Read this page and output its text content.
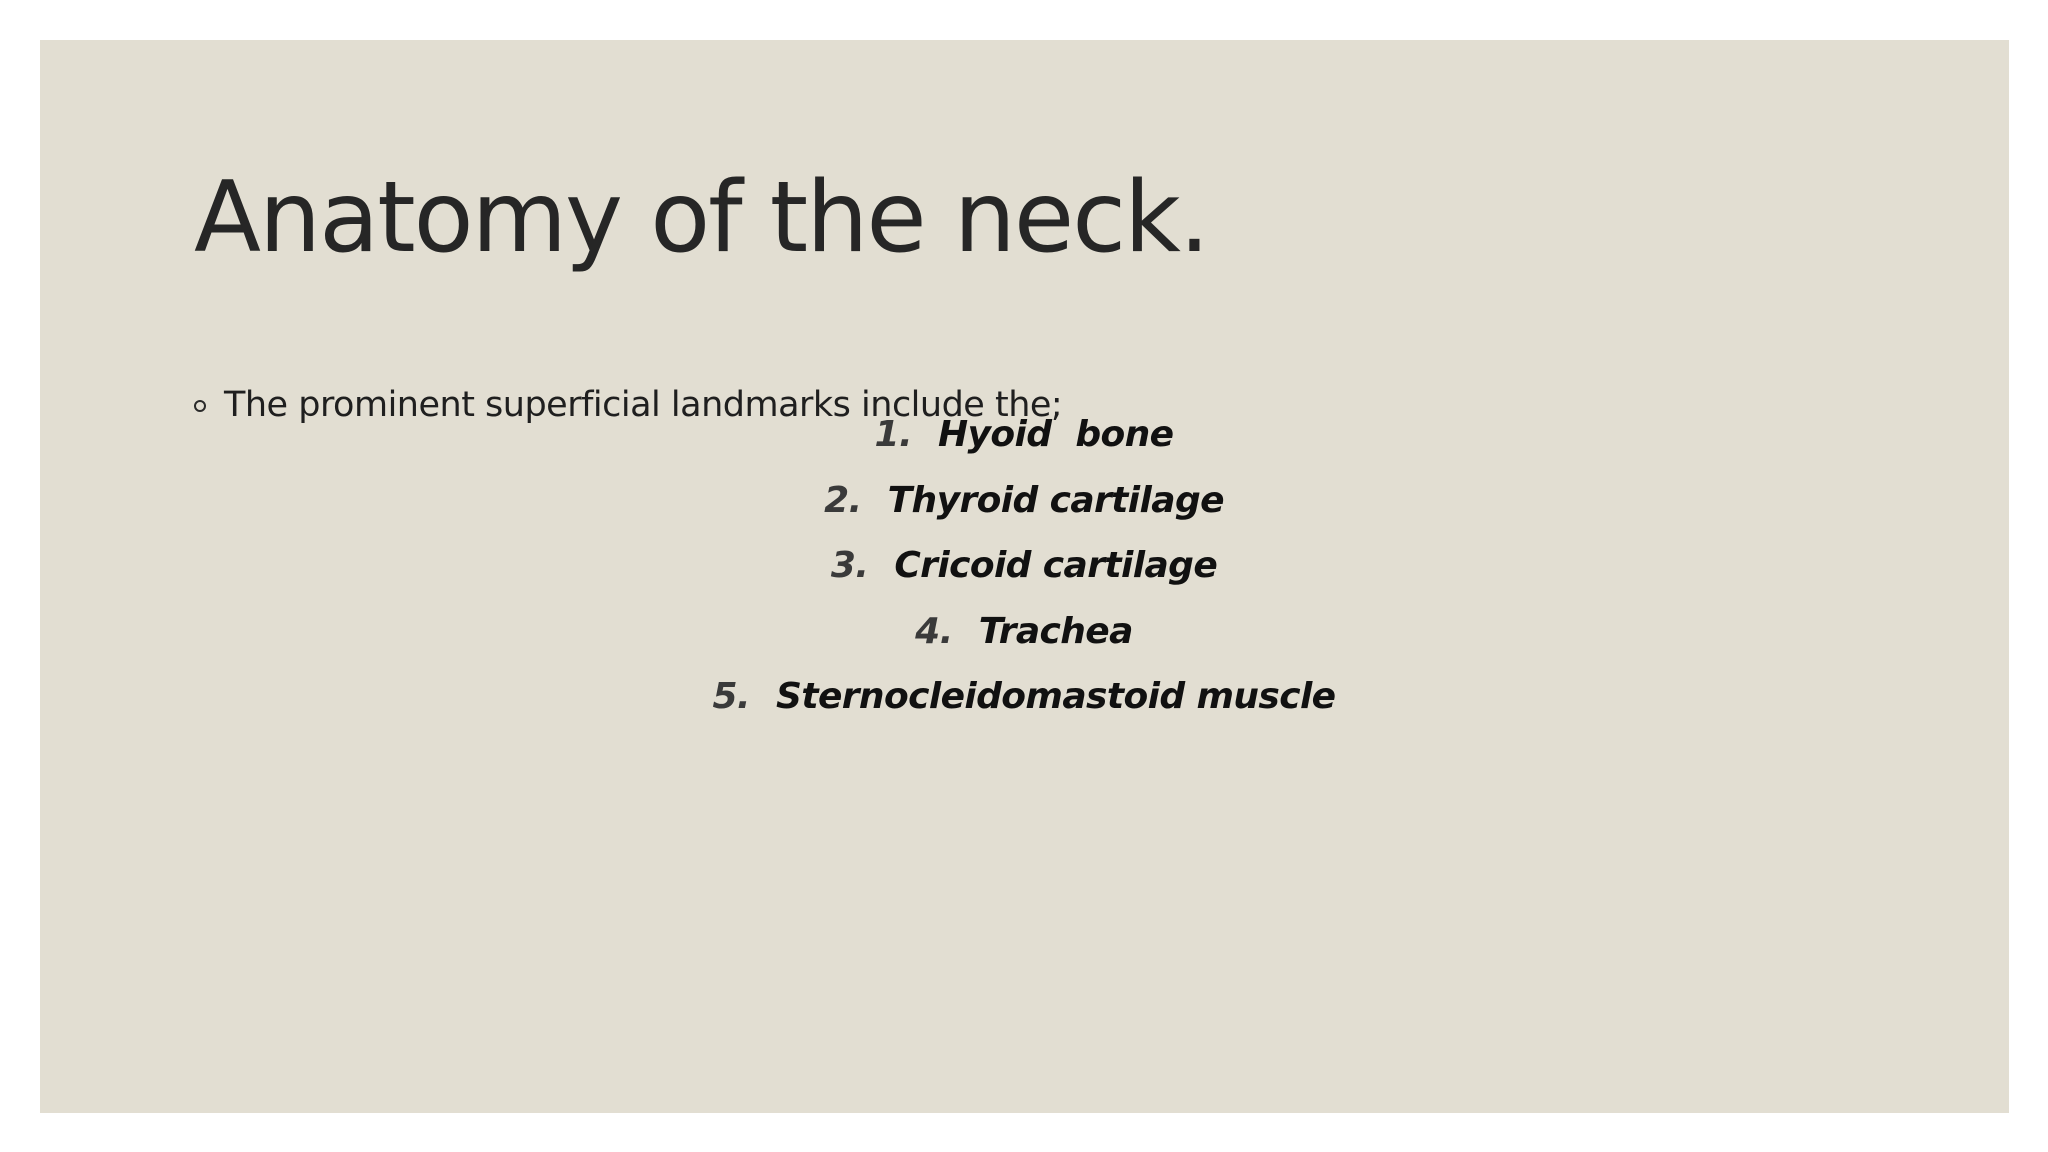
Anatomy of the neck.
The prominent superficial landmarks include the;
1. Hyoid  bone
2. Thyroid cartilage
3. Cricoid cartilage
4. Trachea
5. Sternocleidomastoid muscle
